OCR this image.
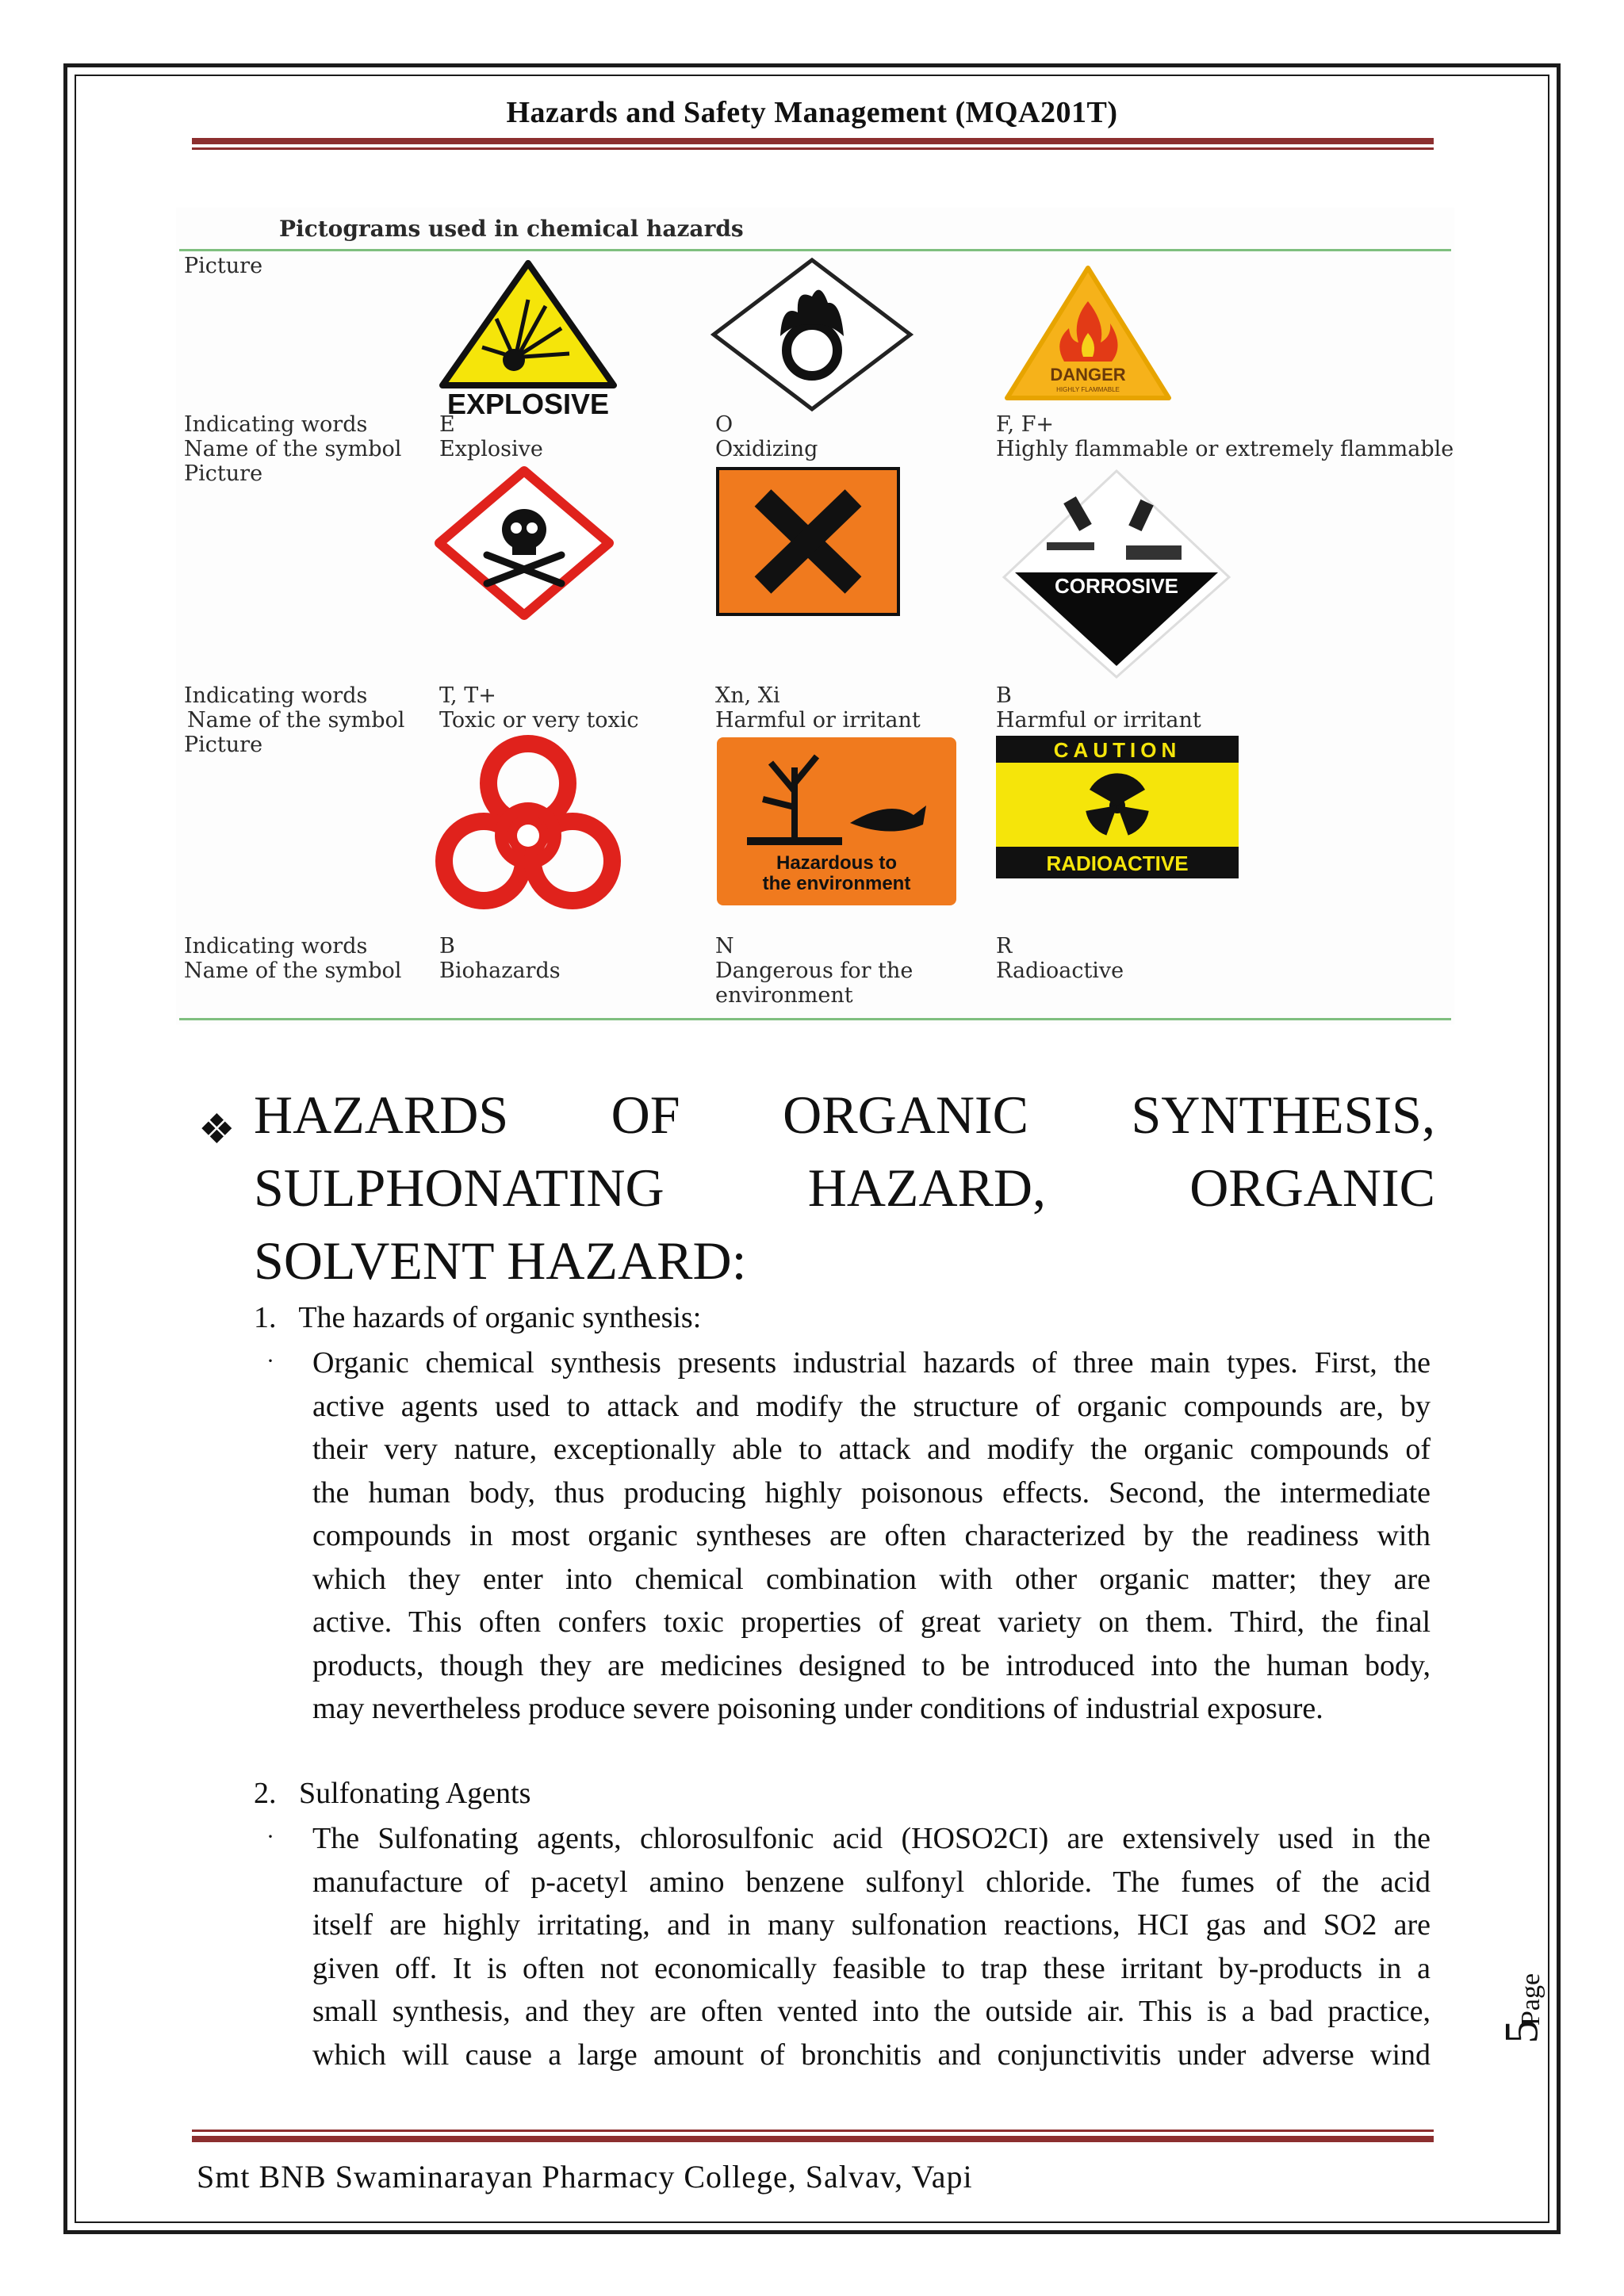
Hazards and Safety Management (MQA201T)
Pictograms used in chemical hazards
Picture
Indicating words
Name of the symbol
Picture
Indicating words
Name of the symbol
Picture
Indicating words
Name of the symbol
EXPLOSIVE
E
Explosive
O
Oxidizing
DANGER
HIGHLY FLAMMABLE
F, F+
Highly flammable or extremely flammable
T, T+
Toxic or very toxic
Xn, Xi
Harmful or irritant
CORROSIVE
B
Harmful or irritant
B
Biohazards
Hazardous to
the environment
N
Dangerous for the
environment
CAUTION
RADIOACTIVE
R
Radioactive
❖ HAZARDS OF ORGANIC SYNTHESIS,
SULPHONATING	HAZARD,	ORGANIC
SOLVENT HAZARD:
1. The hazards of organic synthesis:
· Organic chemical synthesis presents industrial hazards of three main types. First, the
active agents used to attack and modify the structure of organic compounds are, by
their very nature, exceptionally able to attack and modify the organic compounds of
the human body, thus producing highly poisonous effects. Second, the intermediate
compounds in most organic syntheses are often characterized by the readiness with
which they enter into chemical combination with other organic matter; they are
active. This often confers toxic properties of great variety on them. Third, the final
products, though they are medicines designed to be introduced into the human body,
may nevertheless produce severe poisoning under conditions of industrial exposure.
2. Sulfonating Agents
· The Sulfonating agents, chlorosulfonic acid (HOSO2CI) are extensively used in the
manufacture of p-acetyl amino benzene sulfonyl chloride. The fumes of the acid
itself are highly irritating, and in many sulfonation reactions, HCI gas and SO2 are
given off. It is often not economically feasible to trap these irritant by-products in a
small synthesis, and they are often vented into the outside air. This is a bad practice,
which will cause a large amount of bronchitis and conjunctivitis under adverse wind
Page
5
Smt BNB Swaminarayan Pharmacy College, Salvav, Vapi
